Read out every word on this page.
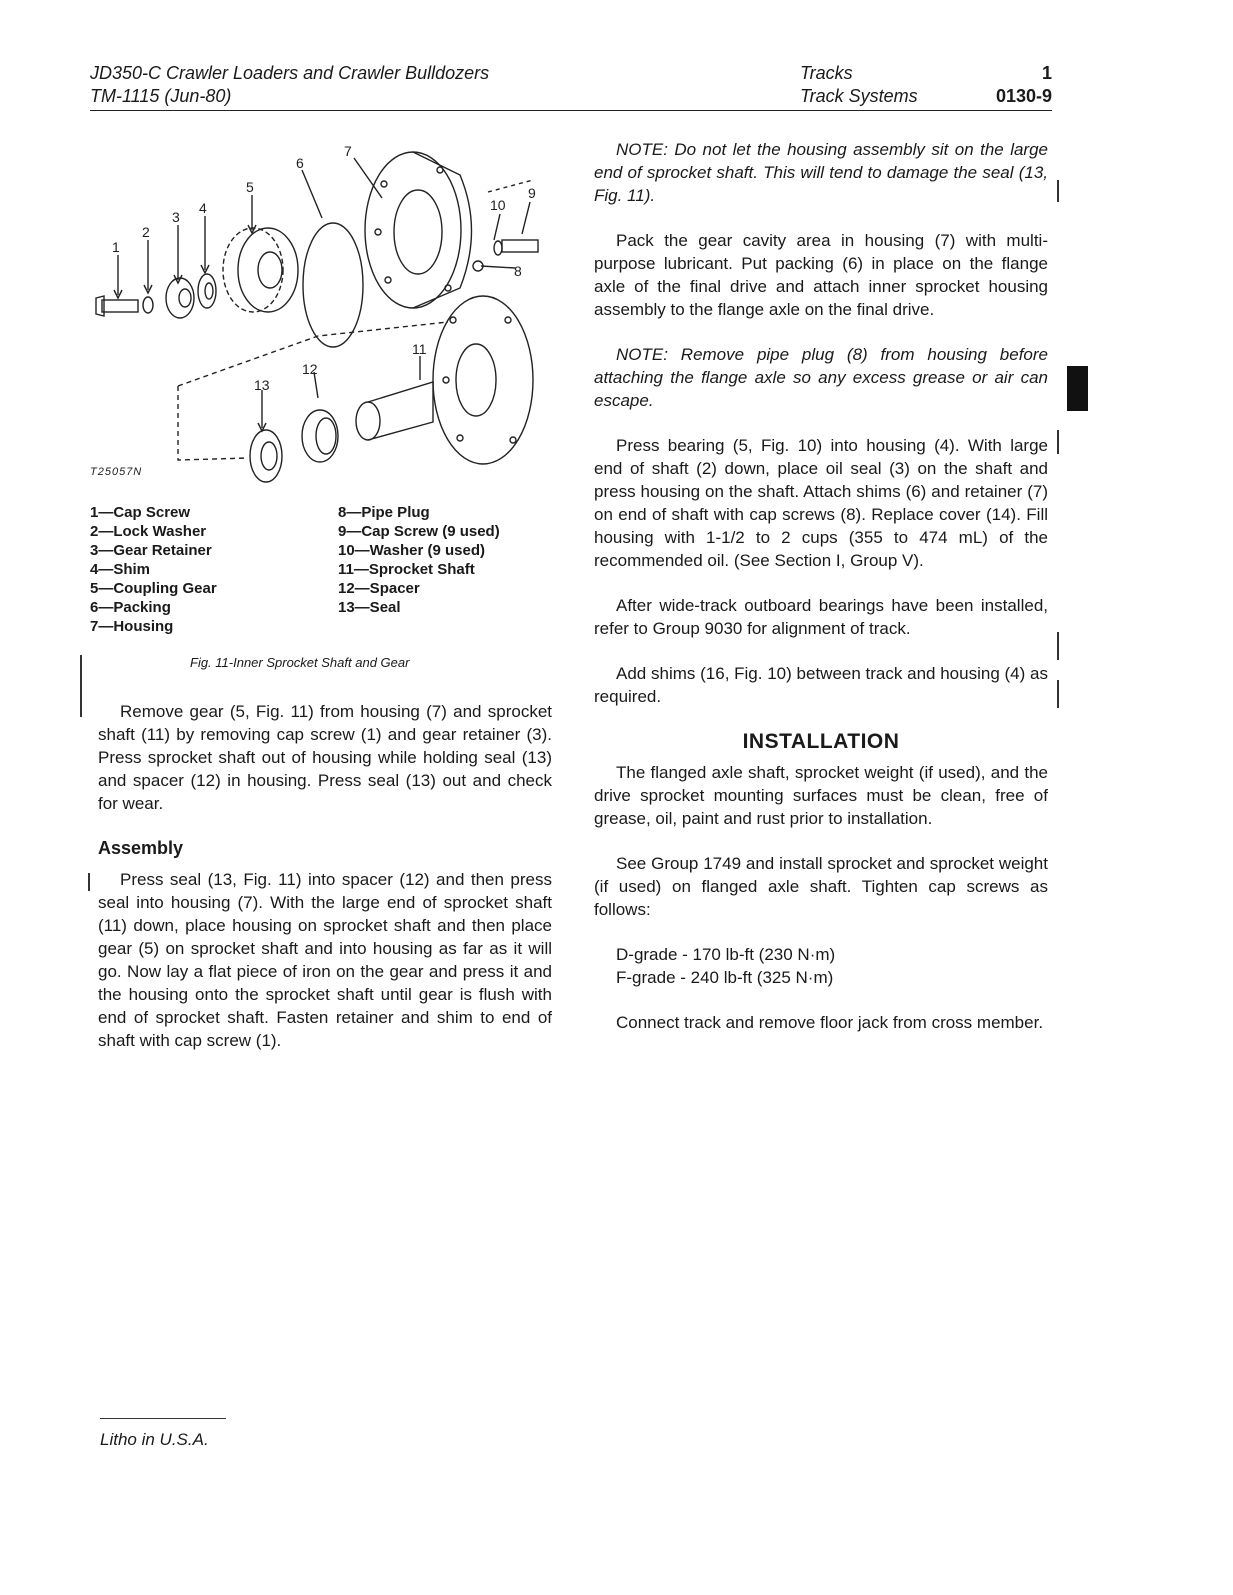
JD350-C Crawler Loaders and Crawler Bulldozers
TM-1115 (Jun-80)
Tracks	1
Track Systems	0130-9
1
2
3
4
5
6
7
8
9
10
11
12
13
T25057N
1—Cap Screw
2—Lock Washer
3—Gear Retainer
4—Shim
5—Coupling Gear
6—Packing
7—Housing
8—Pipe Plug
9—Cap Screw (9 used)
10—Washer (9 used)
11—Sprocket Shaft
12—Spacer
13—Seal
Fig. 11-Inner Sprocket Shaft and Gear

Remove gear (5, Fig. 11) from housing (7) and sprocket shaft (11) by removing cap screw (1) and gear retainer (3). Press sprocket shaft out of housing while holding seal (13) and spacer (12) in housing. Press seal (13) out and check for wear.

Assembly

Press seal (13, Fig. 11) into spacer (12) and then press seal into housing (7). With the large end of sprocket shaft (11) down, place housing on sprocket shaft and then place gear (5) on sprocket shaft and into housing as far as it will go. Now lay a flat piece of iron on the gear and press it and the housing onto the sprocket shaft until gear is flush with end of sprocket shaft. Fasten retainer and shim to end of shaft with cap screw (1).

NOTE: Do not let the housing assembly sit on the large end of sprocket shaft. This will tend to damage the seal (13, Fig. 11).

Pack the gear cavity area in housing (7) with multi-purpose lubricant. Put packing (6) in place on the flange axle of the final drive and attach inner sprocket housing assembly to the flange axle on the final drive.

NOTE: Remove pipe plug (8) from housing before attaching the flange axle so any excess grease or air can escape.

Press bearing (5, Fig. 10) into housing (4). With large end of shaft (2) down, place oil seal (3) on the shaft and press housing on the shaft. Attach shims (6) and retainer (7) on end of shaft with cap screws (8). Replace cover (14). Fill housing with 1-1/2 to 2 cups (355 to 474 mL) of the recommended oil. (See Section I, Group V).

After wide-track outboard bearings have been installed, refer to Group 9030 for alignment of track.

Add shims (16, Fig. 10) between track and housing (4) as required.

INSTALLATION

The flanged axle shaft, sprocket weight (if used), and the drive sprocket mounting surfaces must be clean, free of grease, oil, paint and rust prior to installation.

See Group 1749 and install sprocket and sprocket weight (if used) on flanged axle shaft. Tighten cap screws as follows:

D-grade - 170 lb-ft (230 N·m)

F-grade - 240 lb-ft (325 N·m)

Connect track and remove floor jack from cross member.

Litho in U.S.A.
